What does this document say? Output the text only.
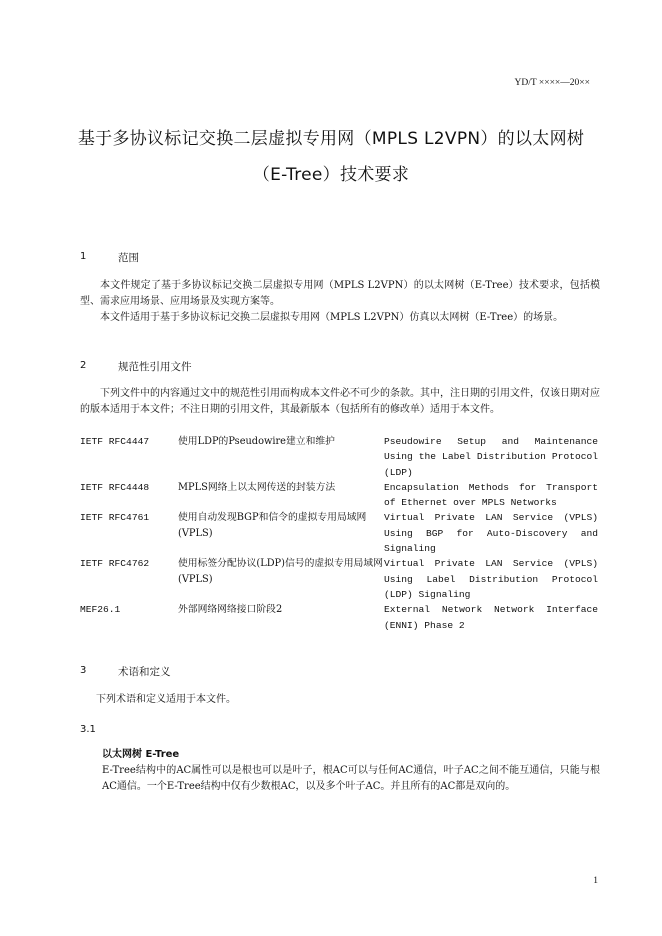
YD/T ××××—20××
基于多协议标记交换二层虚拟专用网（MPLS L2VPN）的以太网树
（E-Tree）技术要求
1	范围

本文件规定了基于多协议标记交换二层虚拟专用网（MPLS L2VPN）的以太网树（E-Tree）技术要求，包括模型、需求应用场景、应用场景及实现方案等。

本文件适用于基于多协议标记交换二层虚拟专用网（MPLS L2VPN）仿真以太网树（E-Tree）的场景。

2	规范性引用文件

下列文件中的内容通过文中的规范性引用而构成本文件必不可少的条款。其中，注日期的引用文件，仅该日期对应的版本适用于本文件；不注日期的引用文件，其最新版本（包括所有的修改单）适用于本文件。

IETF RFC4447	使用LDP的Pseudowire建立和维护	Pseudowire Setup and Maintenance Using the Label Distribution Protocol (LDP)
IETF RFC4448	MPLS网络上以太网传送的封装方法	Encapsulation Methods for Transport of Ethernet over MPLS Networks
IETF RFC4761	使用自动发现BGP和信令的虚拟专用局域网(VPLS)	Virtual Private LAN Service (VPLS) Using BGP for Auto-Discovery and Signaling
IETF RFC4762	使用标签分配协议(LDP)信号的虚拟专用局域网(VPLS)	Virtual Private LAN Service (VPLS) Using Label Distribution Protocol (LDP) Signaling
MEF26.1	外部网络网络接口阶段2	External Network Network Interface (ENNI) Phase 2
3	术语和定义

下列术语和定义适用于本文件。

3.1
以太网树 E-Tree
E-Tree结构中的AC属性可以是根也可以是叶子，根AC可以与任何AC通信，叶子AC之间不能互通信，只能与根AC通信。一个E-Tree结构中仅有少数根AC，以及多个叶子AC。并且所有的AC都是双向的。
1
